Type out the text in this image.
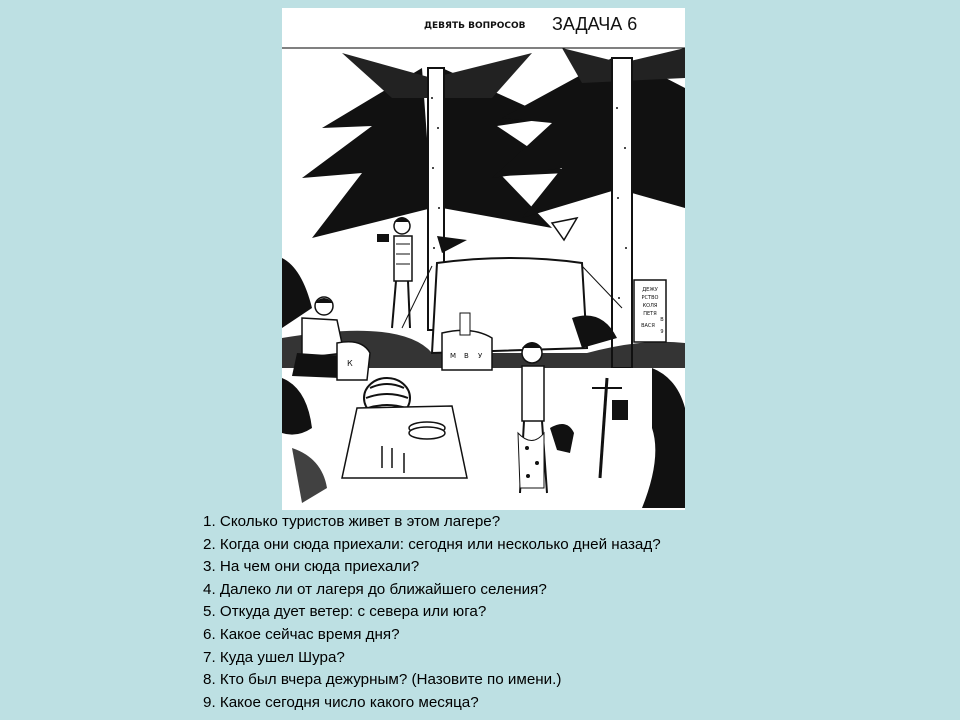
ДЕЖУ
РСТВО
КОЛЯ
ПЕТЯ
В
ВАСЯ
9
К
М В У
ДЕВЯТЬ ВОПРОСОВ ЗАДАЧА 6
1. Сколько туристов живет в этом лагере?
2. Когда они сюда приехали: сегодня или несколько дней назад?
3. На чем они сюда приехали?
4. Далеко ли от лагеря до ближайшего селения?
5. Откуда дует ветер: с севера или юга?
6. Какое сейчас время дня?
7. Куда ушел Шура?
8. Кто был вчера дежурным? (Назовите по имени.)
9. Какое сегодня число какого месяца?
